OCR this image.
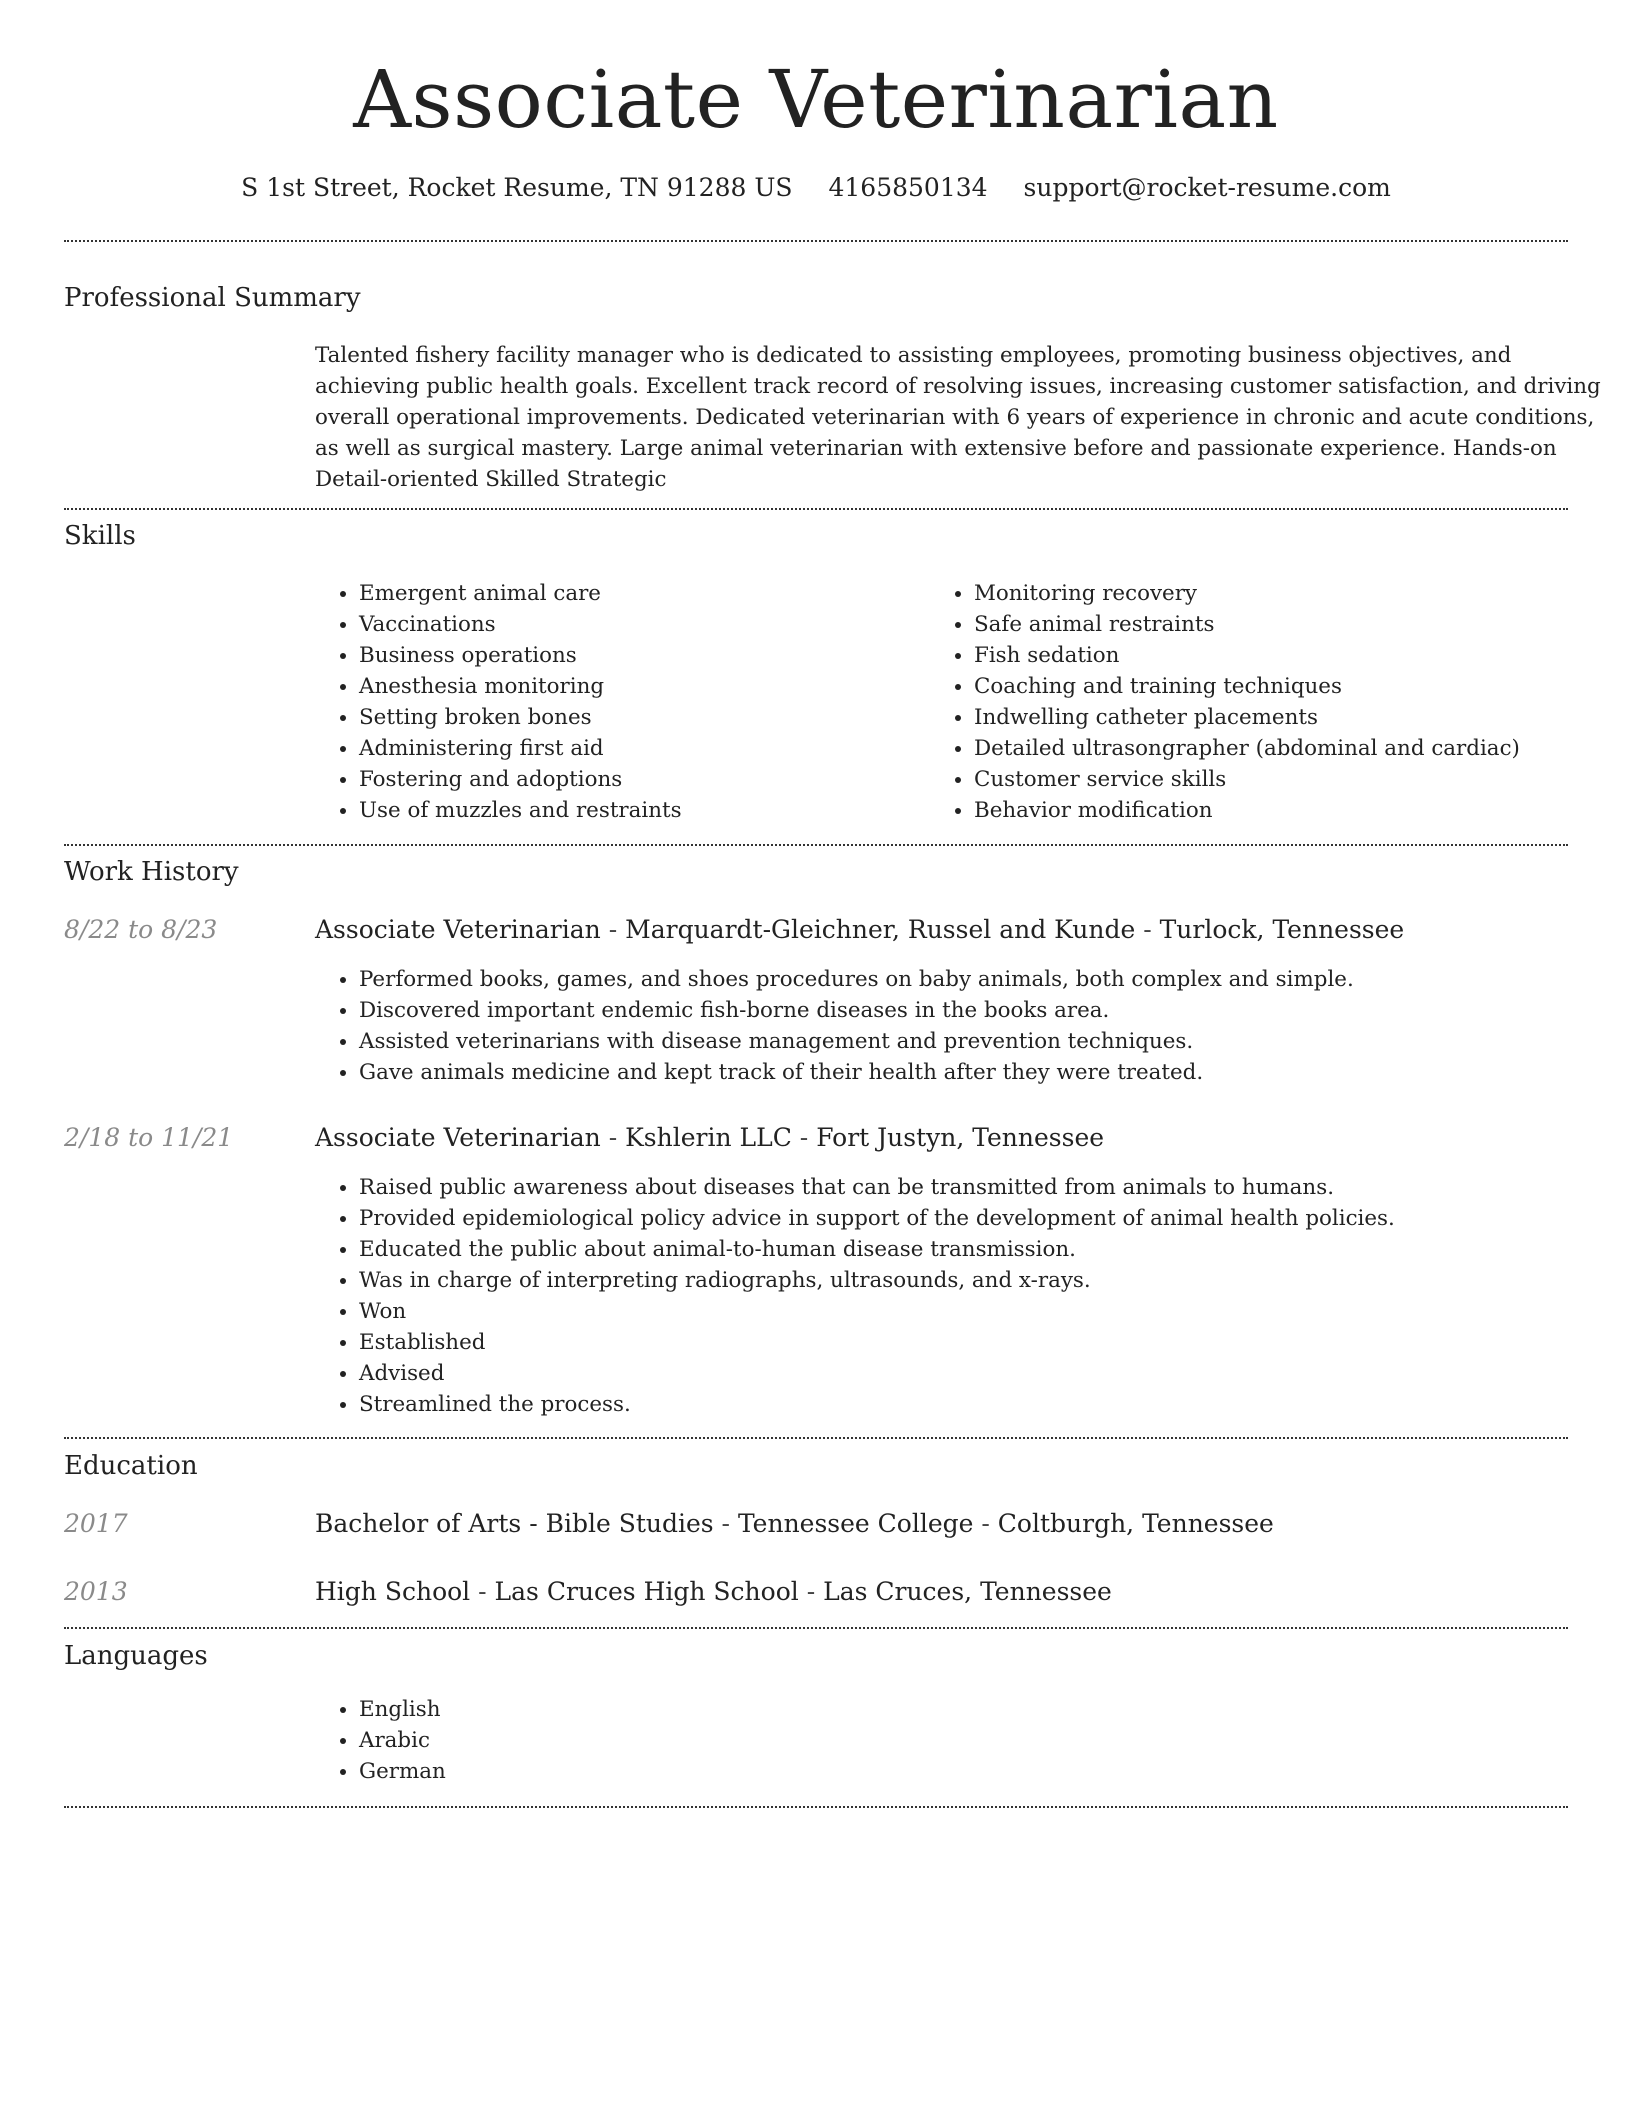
Associate Veterinarian
S 1st Street, Rocket Resume, TN 91288 US 4165850134 support@rocket-resume.com
Professional Summary

Talented fishery facility manager who is dedicated to assisting employees, promoting business objectives, and achieving public health goals. Excellent track record of resolving issues, increasing customer satisfaction, and driving overall operational improvements. Dedicated veterinarian with 6 years of experience in chronic and acute conditions, as well as surgical mastery. Large animal veterinarian with extensive before and passionate experience. Hands-on Detail-oriented Skilled Strategic

Skills
• Emergent animal care
• Vaccinations
• Business operations
• Anesthesia monitoring
• Setting broken bones
• Administering first aid
• Fostering and adoptions
• Use of muzzles and restraints
• Monitoring recovery
• Safe animal restraints
• Fish sedation
• Coaching and training techniques
• Indwelling catheter placements
• Detailed ultrasongrapher (abdominal and cardiac)
• Customer service skills
• Behavior modification
Work History
8/22 to 8/23	Associate Veterinarian - Marquardt-Gleichner, Russel and Kunde - Turlock, Tennessee
• Performed books, games, and shoes procedures on baby animals, both complex and simple.
• Discovered important endemic fish-borne diseases in the books area.
• Assisted veterinarians with disease management and prevention techniques.
• Gave animals medicine and kept track of their health after they were treated.
2/18 to 11/21	Associate Veterinarian - Kshlerin LLC - Fort Justyn, Tennessee
• Raised public awareness about diseases that can be transmitted from animals to humans.
• Provided epidemiological policy advice in support of the development of animal health policies.
• Educated the public about animal-to-human disease transmission.
• Was in charge of interpreting radiographs, ultrasounds, and x-rays.
• Won
• Established
• Advised
• Streamlined the process.
Education
2017	Bachelor of Arts - Bible Studies - Tennessee College - Coltburgh, Tennessee
2013	High School - Las Cruces High School - Las Cruces, Tennessee
Languages
• English
• Arabic
• German
